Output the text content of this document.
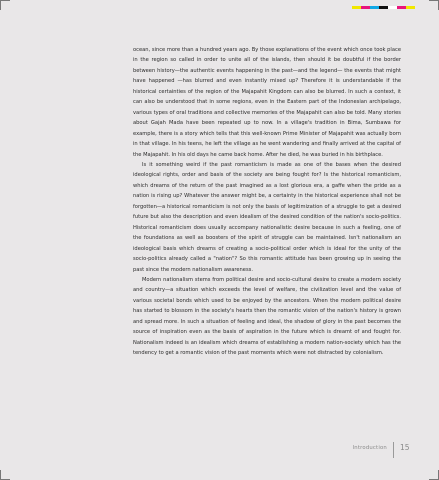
ocean, since more than a hundred years ago. By those explanations of the event which once took place in the region so called in order to unite all of the islands, then should it be doubtful if the border between history—the authentic events happening in the past—and the legend— the events that might have happened —has blurred and even instantly mixed up? Therefore it is understandable if the historical certainties of the region of the Majapahit Kingdom can also be blurred. In such a context, it can also be understood that in some regions, even in the Eastern part of the Indonesian archipelago, various types of oral traditions and collective memories of the Majapahit can also be told. Many stories about Gajah Mada have been repeated up to now. In a village's tradition in Bima, Sumbawa for example, there is a story which tells that this well-known Prime Minister of Majapahit was actually born in that village. In his teens, he left the village as he went wandering and finally arrived at the capital of the Majapahit. In his old days he came back home. After he died, he was buried in his birthplace.

Is it something weird if the past romanticism is made as one of the bases when the desired ideological rights, order and basis of the society are being fought for? Is the historical romanticism, which dreams of the return of the past imagined as a lost glorious era, a gaffe when the pride as a nation is rising up? Whatever the answer might be, a certainty in the historical experience shall not be forgotten—a historical romanticism is not only the basis of legitimization of a struggle to get a desired future but also the description and even idealism of the desired condition of the nation's socio-politics. Historical romanticism does usually accompany nationalistic desire because in such a feeling, one of the foundations as well as boosters of the spirit of struggle can be maintained. Isn't nationalism an ideological basis which dreams of creating a socio-political order which is ideal for the unity of the socio-politics already called a "nation"? So this romantic attitude has been growing up in seeing the past since the modern nationalism awareness.

Modern nationalism stems from political desire and socio-cultural desire to create a modern society and country—a situation which exceeds the level of welfare, the civilization level and the value of various societal bonds which used to be enjoyed by the ancestors. When the modern political desire has started to blossom in the society's hearts then the romantic vision of the nation's history is grown and spread more. In such a situation of feeling and ideal, the shadow of glory in the past becomes the source of inspiration even as the basis of aspiration in the future which is dreamt of and fought for. Nationalism indeed is an idealism which dreams of establishing a modern nation-society which has the tendency to get a romantic vision of the past moments which were not distracted by colonialism.

Introduction 15
